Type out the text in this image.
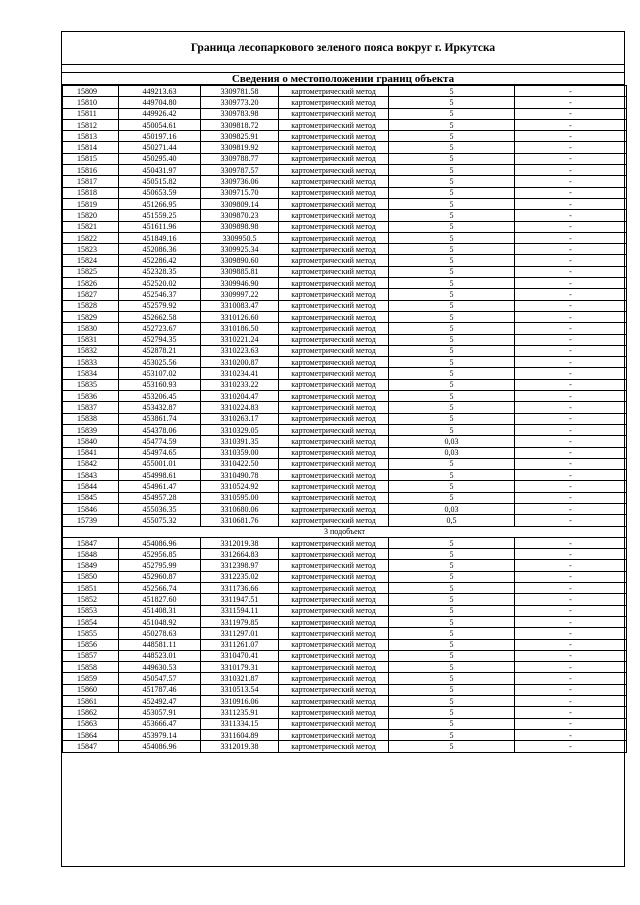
Граница лесопаркового зеленого пояса вокруг г. Иркутска
Сведения о местоположении границ объекта
15809	449213.63	3309781.58	картометрический метод	5	-
15810	449704.80	3309773.20	картометрический метод	5	-
15811	449926.42	3309783.98	картометрический метод	5	-
15812	450054.61	3309818.72	картометрический метод	5	-
15813	450197.16	3309825.91	картометрический метод	5	-
15814	450271.44	3309819.92	картометрический метод	5	-
15815	450295.40	3309788.77	картометрический метод	5	-
15816	450431.97	3309787.57	картометрический метод	5	-
15817	450515.82	3309736.06	картометрический метод	5	-
15818	450653.59	3309715.70	картометрический метод	5	-
15819	451266.95	3309809.14	картометрический метод	5	-
15820	451559.25	3309870.23	картометрический метод	5	-
15821	451611.96	3309898.98	картометрический метод	5	-
15822	451849.16	3309950.5	картометрический метод	5	-
15823	452086.36	3309925.34	картометрический метод	5	-
15824	452286.42	3309890.60	картометрический метод	5	-
15825	452328.35	3309885.81	картометрический метод	5	-
15826	452520.02	3309946.90	картометрический метод	5	-
15827	452546.37	3309997.22	картометрический метод	5	-
15828	452579.92	3310083.47	картометрический метод	5	-
15829	452662.58	3310126.60	картометрический метод	5	-
15830	452723.67	3310186.50	картометрический метод	5	-
15831	452794.35	3310221.24	картометрический метод	5	-
15832	452878.21	3310223.63	картометрический метод	5	-
15833	453025.56	3310200.87	картометрический метод	5	-
15834	453107.02	3310234.41	картометрический метод	5	-
15835	453160.93	3310233.22	картометрический метод	5	-
15836	453206.45	3310204.47	картометрический метод	5	-
15837	453432.87	3310224.83	картометрический метод	5	-
15838	453861.74	3310263.17	картометрический метод	5	-
15839	454378.06	3310329.05	картометрический метод	5	-
15840	454774.59	3310391.35	картометрический метод	0,03	-
15841	454974.65	3310359.00	картометрический метод	0,03	-
15842	455001.01	3310422.50	картометрический метод	5	-
15843	454998.61	3310490.78	картометрический метод	5	-
15844	454961.47	3310524.92	картометрический метод	5	-
15845	454957.28	3310595.00	картометрический метод	5	-
15846	455036.35	3310680.06	картометрический метод	0,03	-
15739	455075.32	3310681.76	картометрический метод	0,5	-
3 подобъект					
15847	454086.96	3312019.38	картометрический метод	5	-
15848	452956.85	3312664.83	картометрический метод	5	-
15849	452795.99	3312398.97	картометрический метод	5	-
15850	452960.87	3312235.02	картометрический метод	5	-
15851	452566.74	3311736.66	картометрический метод	5	-
15852	451827.60	3311947.51	картометрический метод	5	-
15853	451408.31	3311594.11	картометрический метод	5	-
15854	451048.92	3311979.85	картометрический метод	5	-
15855	450278.63	3311297.01	картометрический метод	5	-
15856	448581.11	3311261.07	картометрический метод	5	-
15857	448523.01	3310470.41	картометрический метод	5	-
15858	449630.53	3310179.31	картометрический метод	5	-
15859	450547.57	3310321.87	картометрический метод	5	-
15860	451787.46	3310513.54	картометрический метод	5	-
15861	452492.47	3310916.06	картометрический метод	5	-
15862	453057.91	3311235.91	картометрический метод	5	-
15863	453666.47	3311334.15	картометрический метод	5	-
15864	453979.14	3311604.89	картометрический метод	5	-
15847	454086.96	3312019.38	картометрический метод	5	-
